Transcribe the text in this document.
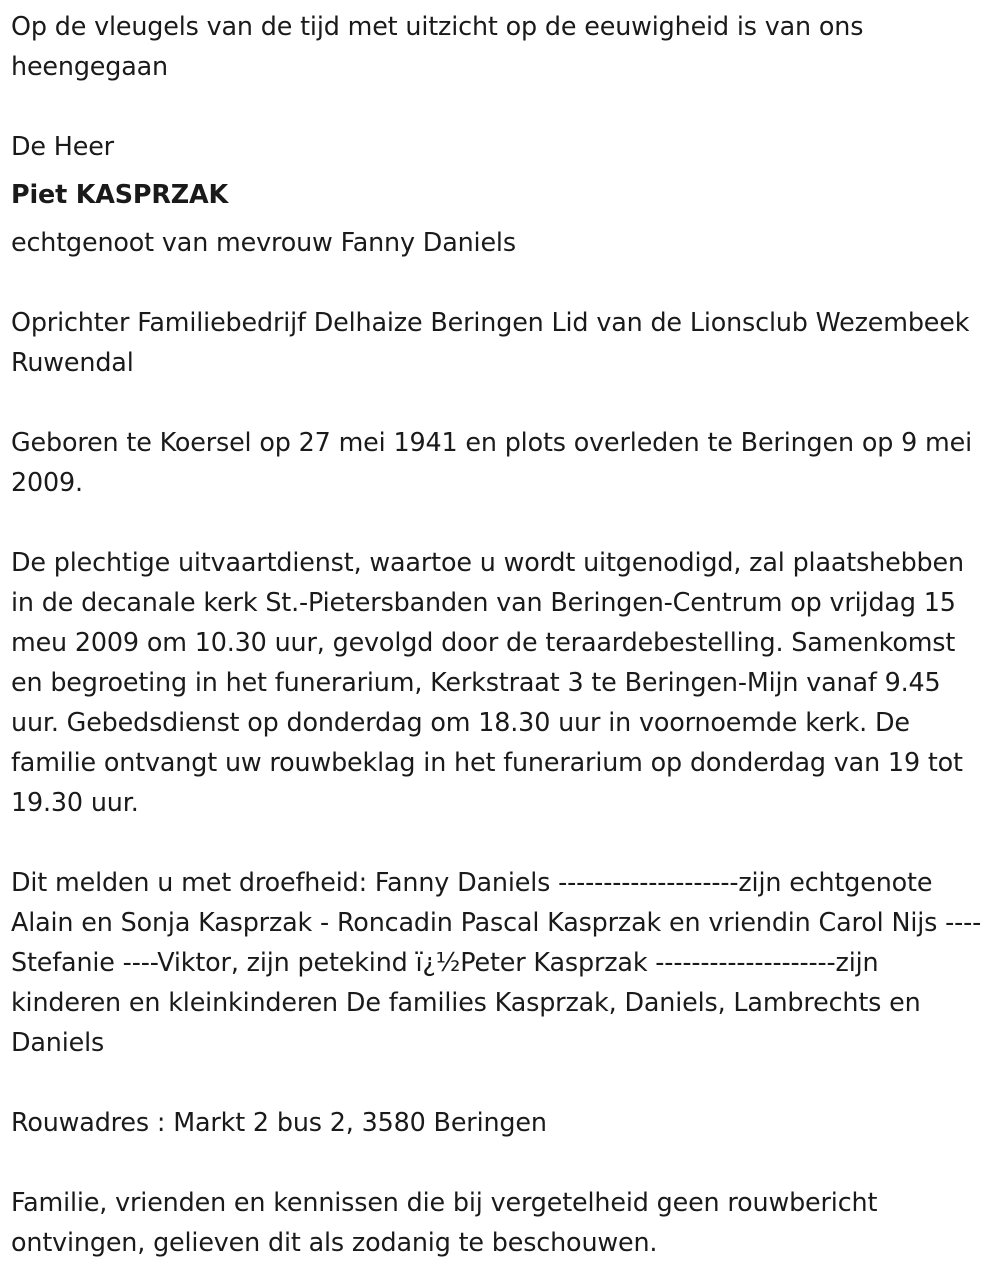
Op de vleugels van de tijd met uitzicht op de eeuwigheid is van ons heengegaan

De Heer

Piet KASPRZAK

echtgenoot van mevrouw Fanny Daniels

Oprichter Familiebedrijf Delhaize Beringen Lid van de Lionsclub Wezembeek Ruwendal

Geboren te Koersel op 27 mei 1941 en plots overleden te Beringen op 9 mei 2009.

De plechtige uitvaartdienst, waartoe u wordt uitgenodigd, zal plaatshebben in de decanale kerk St.-Pietersbanden van Beringen-Centrum op vrijdag 15 meu 2009 om 10.30 uur, gevolgd door de teraardebestelling. Samenkomst en begroeting in het funerarium, Kerkstraat 3 te Beringen-Mijn vanaf 9.45 uur. Gebedsdienst op donderdag om 18.30 uur in voornoemde kerk. De familie ontvangt uw rouwbeklag in het funerarium op donderdag van 19 tot 19.30 uur.

Dit melden u met droefheid: Fanny Daniels --------------------zijn echtgenote Alain en Sonja Kasprzak - Roncadin Pascal Kasprzak en vriendin Carol Nijs ----Stefanie ----Viktor, zijn petekind ï¿½Peter Kasprzak --------------------zijn kinderen en kleinkinderen De families Kasprzak, Daniels, Lambrechts en Daniels

Rouwadres : Markt 2 bus 2, 3580 Beringen

Familie, vrienden en kennissen die bij vergetelheid geen rouwbericht ontvingen, gelieven dit als zodanig te beschouwen.
